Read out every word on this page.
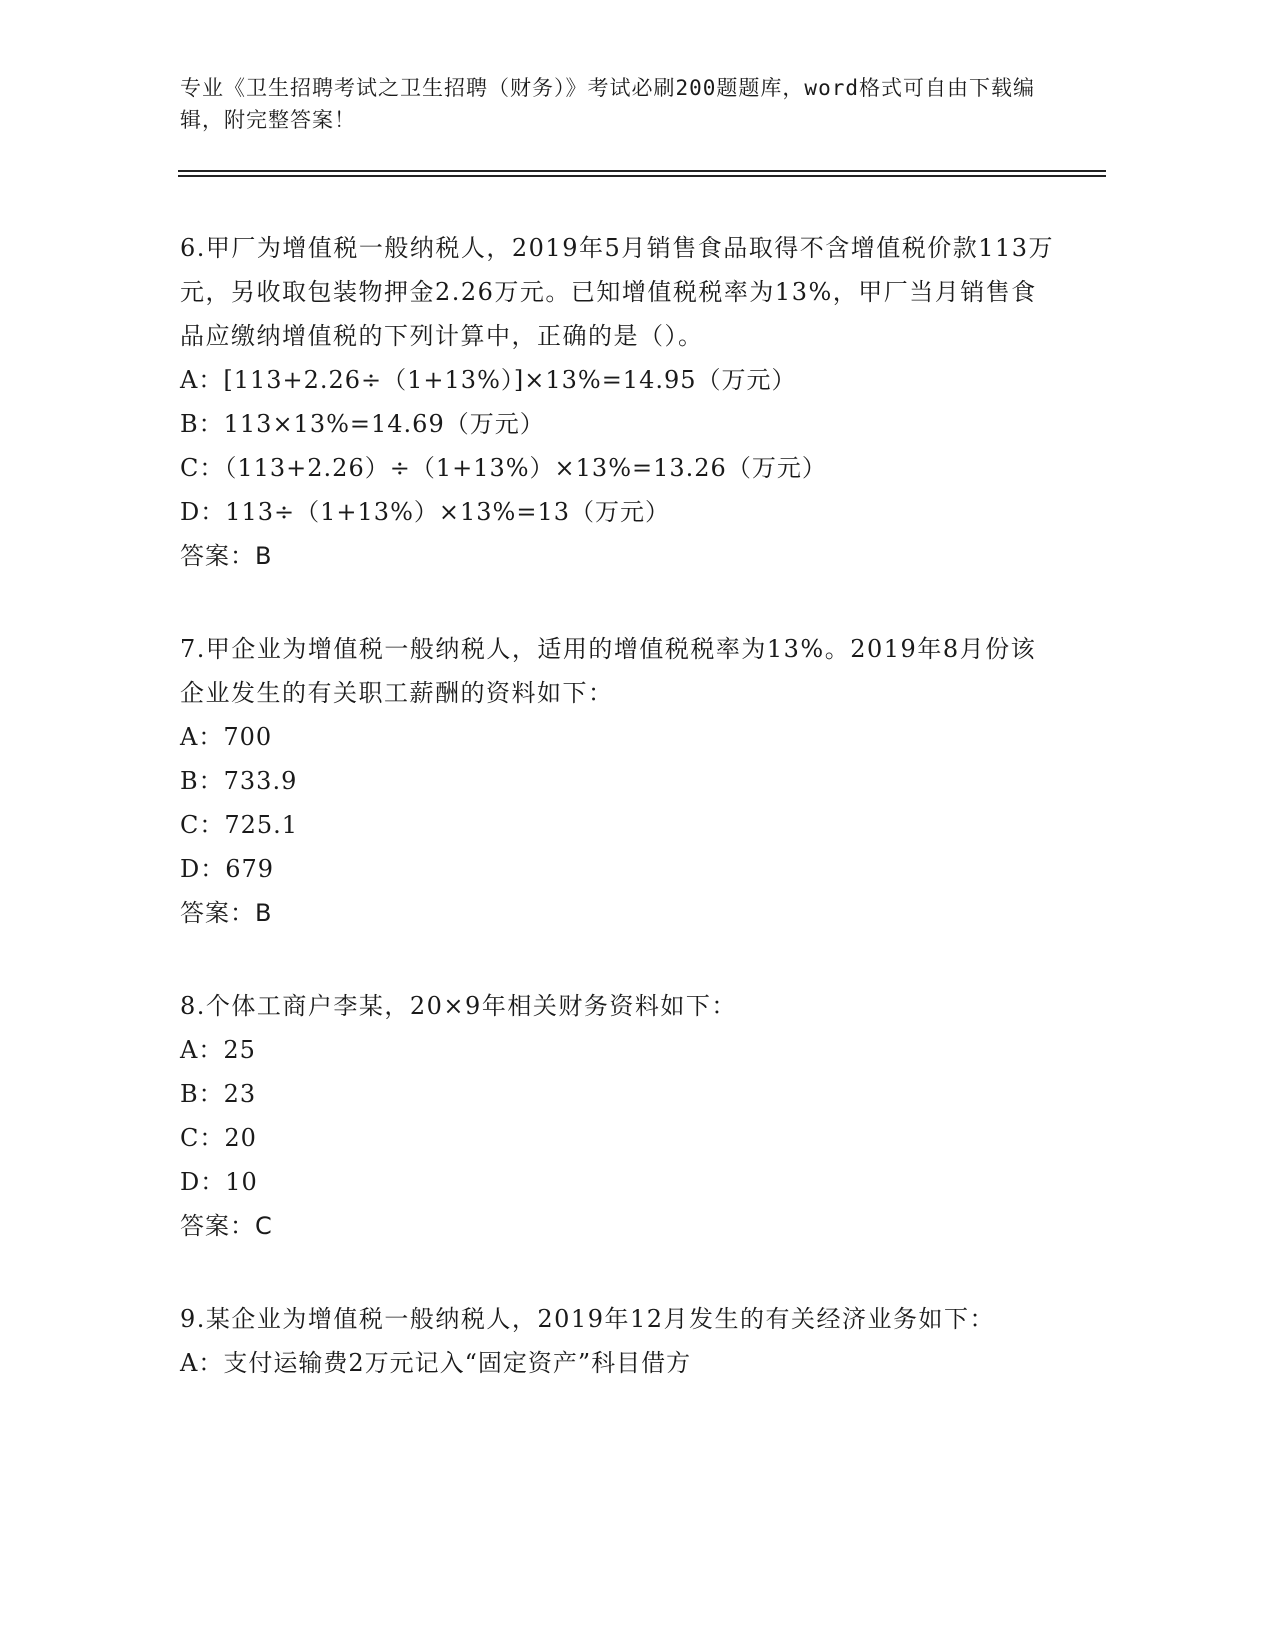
专业《卫生招聘考试之卫生招聘（财务）》考试必刷200题题库，word格式可自由下载编辑，附完整答案！
6.甲厂为增值税一般纳税人，2019年5月销售食品取得不含增值税价款113万元，另收取包装物押金2.26万元。已知增值税税率为13%，甲厂当月销售食品应缴纳增值税的下列计算中，正确的是（）。
A：[113+2.26÷（1+13%）]×13%=14.95（万元）
B：113×13%=14.69（万元）
C：（113+2.26）÷（1+13%）×13%=13.26（万元）
D：113÷（1+13%）×13%=13（万元）
答案：B
7.甲企业为增值税一般纳税人，适用的增值税税率为13%。2019年8月份该企业发生的有关职工薪酬的资料如下：
A：700
B：733.9
C：725.1
D：679
答案：B
8.个体工商户李某，20×9年相关财务资料如下：
A：25
B：23
C：20
D：10
答案：C
9.某企业为增值税一般纳税人，2019年12月发生的有关经济业务如下：
A：支付运输费2万元记入“固定资产”科目借方
